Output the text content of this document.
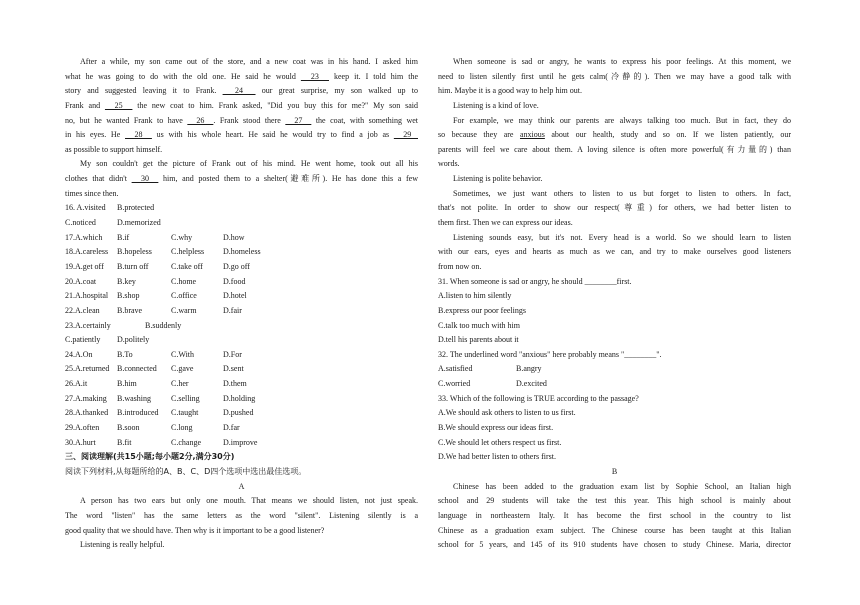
After a while, my son came out of the store, and a new coat was in his hand. I asked him
what he was going to do with the old one. He said he would   23   keep it. I told him the
story and suggested leaving it to Frank.   24   our great surprise, my son walked up to
Frank and   25   the new coat to him. Frank asked, "Did you buy this for me?" My son said
no, but he wanted Frank to have   26  . Frank stood there   27   the coat, with something wet
in his eyes. He   28   us with his whole heart. He said he would try to find a job as   29
as possible to support himself.
My son couldn't get the picture of Frank out of his mind. He went home, took out all his
clothes that didn't   30   him, and posted them to a shelter(避难所). He has done this a few
times since then.
16. A.visited	B.protected
C.noticed	D.memorized
17.A.which	B.if	C.why	D.how
18.A.careless	B.hopeless	C.helpless	D.homeless
19.A.get off	B.turn off	C.take off	D.go off
20.A.coat	B.key	C.home	D.food
21.A.hospital	B.shop	C.office	D.hotel
22.A.clean	B.brave	C.warm	D.fair
23.A.certainly	B.suddenly
C.patiently	D.politely
24.A.On	B.To	C.With	D.For
25.A.returned B.connected	C.gave	D.sent
26.A.it	B.him	C.her	D.them
27.A.making	B.washing	C.selling	D.holding
28.A.thanked	B.introduced	C.taught	D.pushed
29.A.often	B.soon	C.long	D.far
30.A.hurt	B.fit	C.change	D.improve
三、阅读理解(共15小题;每小题2分,满分30分)
阅读下列材料,从每题所给的A、B、C、D四个选项中选出最佳选项。
A
A person has two ears but only one mouth. That means we should listen, not just speak.
The word "listen" has the same letters as the word "silent". Listening silently is a
good quality that we should have. Then why is it important to be a good listener?
Listening is really helpful.
When someone is sad or angry, he wants to express his poor feelings. At this moment, we
need to listen silently first until he gets calm(冷静的). Then we may have a good talk with
him. Maybe it is a good way to help him out.
Listening is a kind of love.
For example, we may think our parents are always talking too much. But in fact, they do
so because they are anxious about our health, study and so on. If we listen patiently, our
parents will feel we care about them. A loving silence is often more powerful(有力量的) than
words.
Listening is polite behavior.
Sometimes, we just want others to listen to us but forget to listen to others. In fact,
that's not polite. In order to show our respect(尊重) for others, we had better listen to
them first. Then we can express our ideas.
Listening sounds easy, but it's not. Every head is a world. So we should learn to listen
with our ears, eyes and hearts as much as we can, and try to make ourselves good listeners
from now on.
31. When someone is sad or angry, he should ________first.
A.listen to him silently
B.express our poor feelings
C.talk too much with him
D.tell his parents about it
32. The underlined word "anxious" here probably means "________".
A.satisfied	B.angry
C.worried	D.excited
33. Which of the following is TRUE according to the passage?
A.We should ask others to listen to us first.
B.We should express our ideas first.
C.We should let others respect us first.
D.We had better listen to others first.
B
Chinese has been added to the graduation exam list by Sophie School, an Italian high
school and 29 students will take the test this year. This high school is mainly about
language in northeastern Italy. It has become the first school in the country to list
Chinese as a graduation exam subject. The Chinese course has been taught at this Italian
school for 5 years, and 145 of its 910 students have chosen to study Chinese. Maria, director
